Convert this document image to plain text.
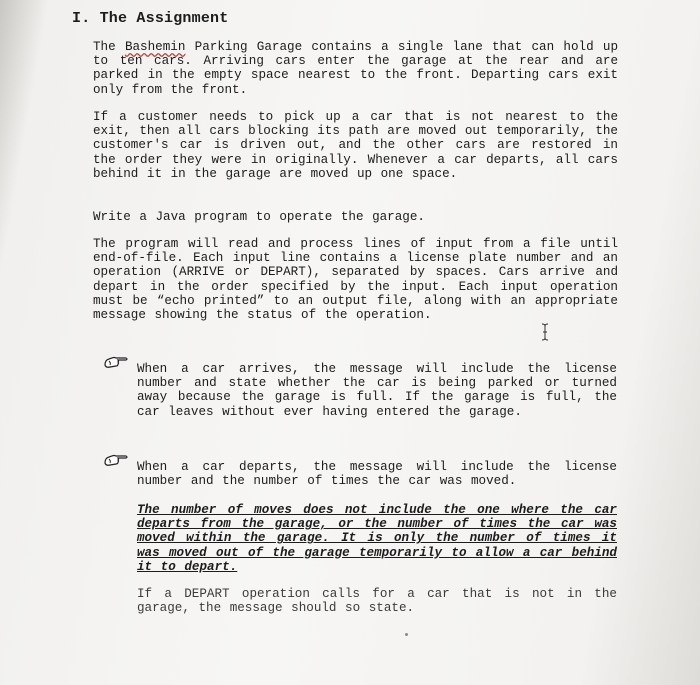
I. The Assignment

The Bashemin Parking Garage contains a single lane that can hold up to ten cars. Arriving cars enter the garage at the rear and are parked in the empty space nearest to the front. Departing cars exit only from the front.

If a customer needs to pick up a car that is not nearest to the exit, then all cars blocking its path are moved out temporarily, the customer's car is driven out, and the other cars are restored in the order they were in originally. Whenever a car departs, all cars behind it in the garage are moved up one space.

Write a Java program to operate the garage.

The program will read and process lines of input from a file until end-of-file. Each input line contains a license plate number and an operation (ARRIVE or DEPART), separated by spaces. Cars arrive and depart in the order specified by the input. Each input operation must be “echo printed” to an output file, along with an appropriate message showing the status of the operation.

When a car arrives, the message will include the license number and state whether the car is being parked or turned away because the garage is full. If the garage is full, the car leaves without ever having entered the garage.
When a car departs, the message will include the license number and the number of times the car was moved.
The number of moves does not include the one where the car departs from the garage, or the number of times the car was moved within the garage. It is only the number of times it was moved out of the garage temporarily to allow a car behind it to depart.
If a DEPART operation calls for a car that is not in the garage, the message should so state.
